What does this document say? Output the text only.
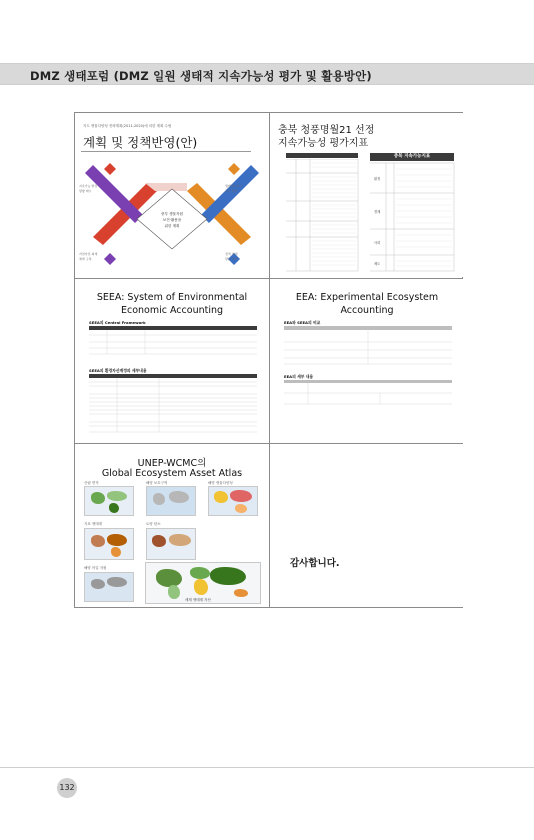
DMZ 생태포럼 (DMZ 일원 생태적 지속가능성 평가 및 활용방안)
지도 생물다양성 전략계획(2011-2020)에 의한 계획 수립
계획 및 정책반영(안)
중부 생물자원
보전·활용을
위한 계획
지속가능 발전
방향 제시
생태계서비스
평가 반영
자연자본 회계
체계 구축
정책 연계
방안 마련
충북 청풍명월21 선정
지속가능성 평가지표
충북 지속가능지표
환경
경제
사회
제도
SEEA: System of Environmental
Economic Accounting
SEEA의 Central Framework
SEEA의 환경자산계정의 세부내용
EEA: Experimental Ecosystem
Accounting
EEA와 SEEA의 비교
EEA의 세부 내용
UNEP-WCMC의
Global Ecosystem Asset Atlas
산림 면적	해양 보호구역	해양 생물다양성
지표 생태계	토양 탄소
해양 어업 자원
세계 생태계 자산
감사합니다.
132
